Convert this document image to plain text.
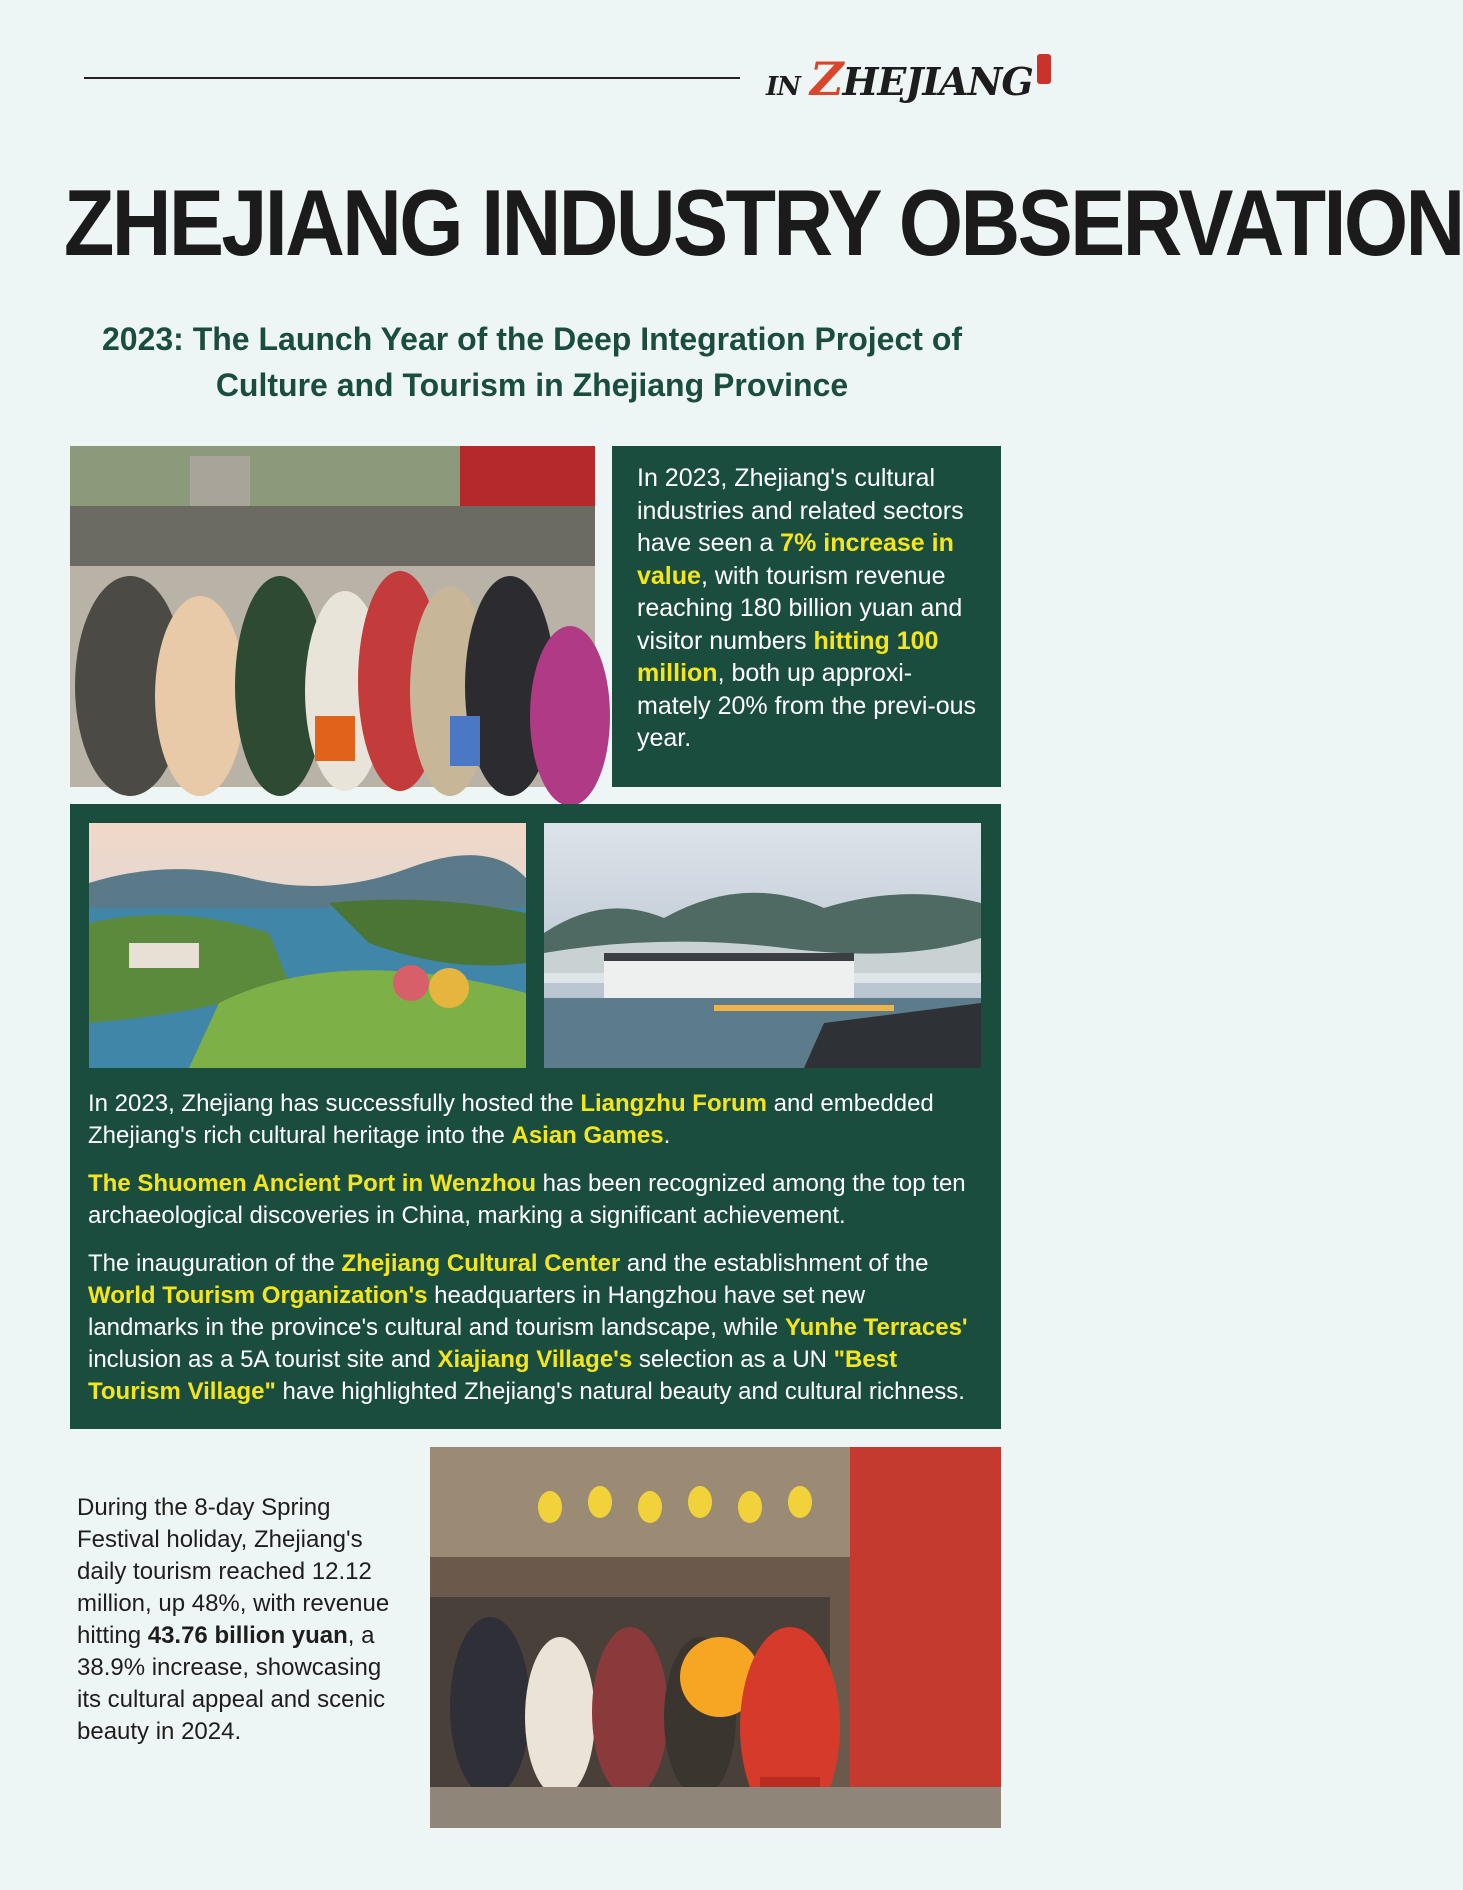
IN ZHEJIANG
ZHEJIANG INDUSTRY OBSERVATION
2023: The Launch Year of the Deep Integration Project of Culture and Tourism in Zhejiang Province
In 2023, Zhejiang's cultural industries and related sectors have seen a 7% increase in value, with tourism revenue reaching 180 billion yuan and visitor numbers hitting 100 million, both up approxi-mately 20% from the previ-ous year.
In 2023, Zhejiang has successfully hosted the Liangzhu Forum and embedded Zhejiang's rich cultural heritage into the Asian Games.
The Shuomen Ancient Port in Wenzhou has been recognized among the top ten archaeological discoveries in China, marking a significant achievement.
The inauguration of the Zhejiang Cultural Center and the establishment of the World Tourism Organization's headquarters in Hangzhou have set new landmarks in the province's cultural and tourism landscape, while Yunhe Terraces' inclusion as a 5A tourist site and Xiajiang Village's selection as a UN "Best Tourism Village" have highlighted Zhejiang's natural beauty and cultural richness.
During the 8-day Spring Festival holiday, Zhejiang's daily tourism reached 12.12 million, up 48%, with revenue hitting 43.76 billion yuan, a 38.9% increase, showcasing its cultural appeal and scenic beauty in 2024.
